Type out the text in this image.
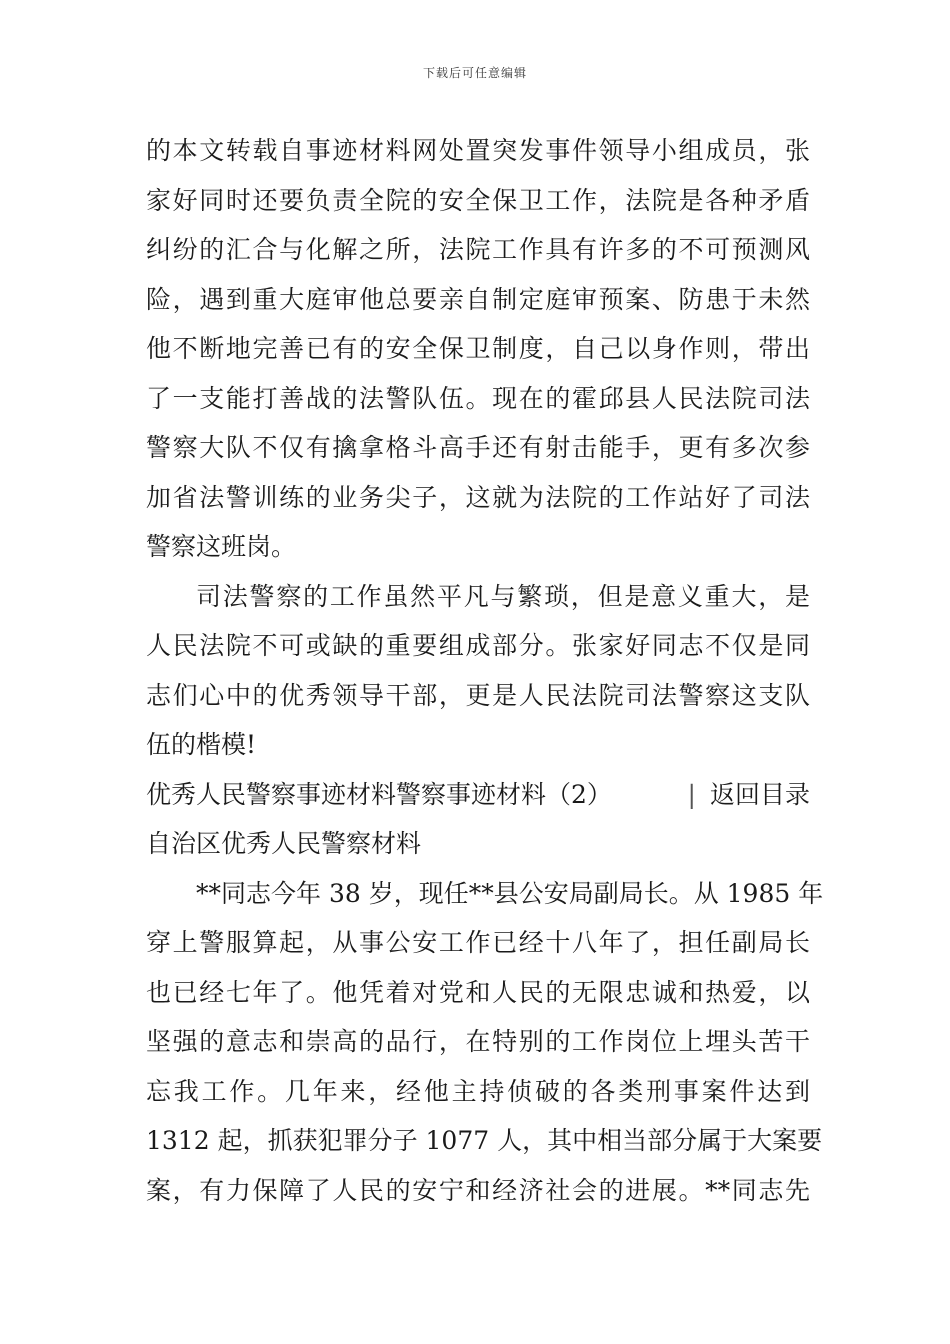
下载后可任意编辑
的本文转载自事迹材料网处置突发事件领导小组成员，张
家好同时还要负责全院的安全保卫工作，法院是各种矛盾
纠纷的汇合与化解之所，法院工作具有许多的不可预测风
险，遇到重大庭审他总要亲自制定庭审预案、防患于未然
他不断地完善已有的安全保卫制度，自己以身作则，带出
了一支能打善战的法警队伍。现在的霍邱县人民法院司法
警察大队不仅有擒拿格斗高手还有射击能手，更有多次参
加省法警训练的业务尖子，这就为法院的工作站好了司法
警察这班岗。
司法警察的工作虽然平凡与繁琐，但是意义重大，是
人民法院不可或缺的重要组成部分。张家好同志不仅是同
志们心中的优秀领导干部，更是人民法院司法警察这支队
伍的楷模!
优秀人民警察事迹材料警察事迹材料（2）	| 返回目录
自治区优秀人民警察材料
**同志今年 38 岁，现任**县公安局副局长。从 1985 年
穿上警服算起，从事公安工作已经十八年了，担任副局长
也已经七年了。他凭着对党和人民的无限忠诚和热爱，以
坚强的意志和崇高的品行，在特别的工作岗位上埋头苦干
忘我工作。几年来，经他主持侦破的各类刑事案件达到
1312 起，抓获犯罪分子 1077 人，其中相当部分属于大案要
案，有力保障了人民的安宁和经济社会的进展。**同志先
